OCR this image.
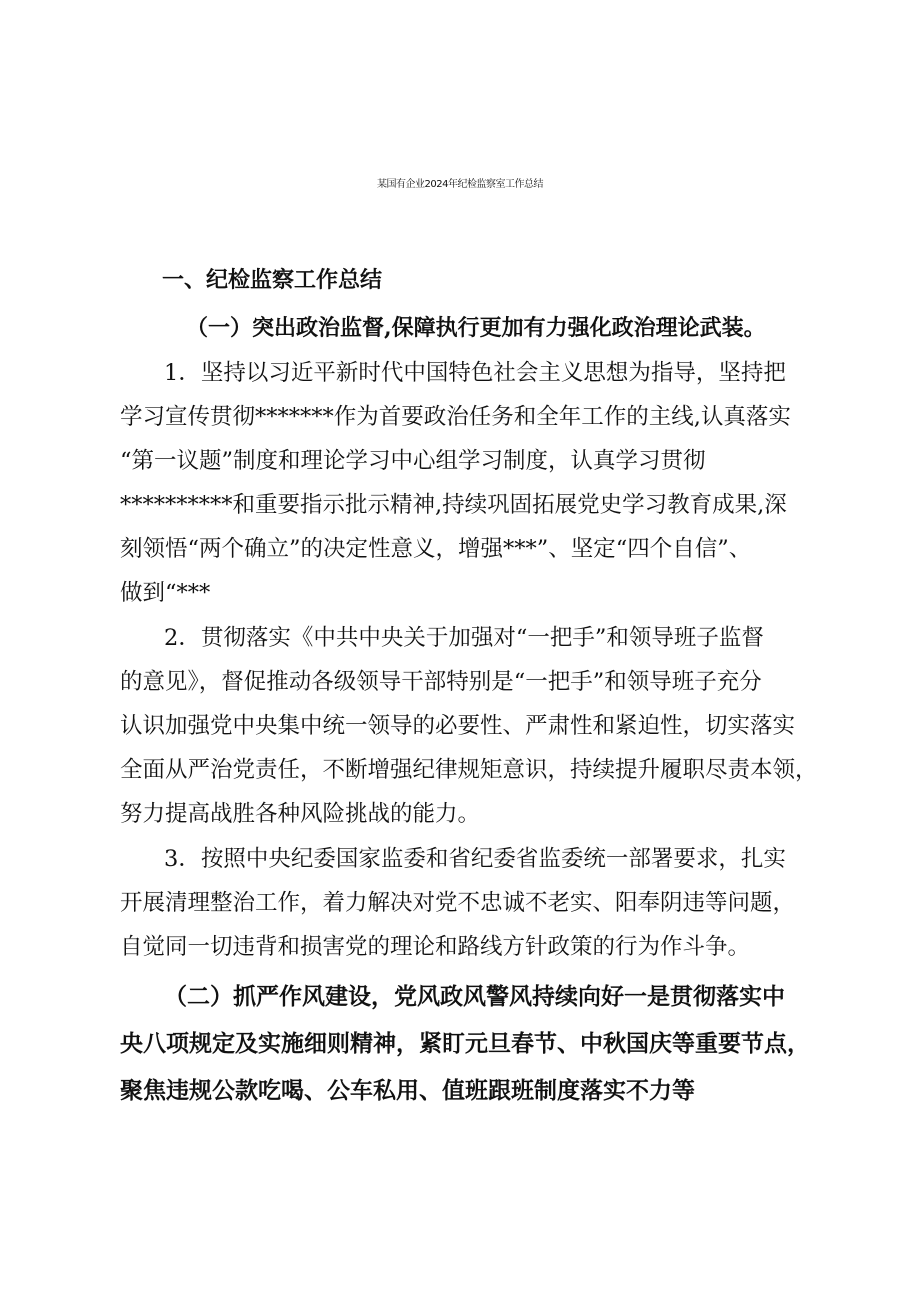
某国有企业2024年纪检监察室工作总结
一、纪检监察工作总结
（一）突出政治监督,保障执行更加有力强化政治理论武装。
1．坚持以习近平新时代中国特色社会主义思想为指导，坚持把
学习宣传贯彻*******作为首要政治任务和全年工作的主线,认真落实
“第一议题”制度和理论学习中心组学习制度，认真学习贯彻
**********和重要指示批示精神,持续巩固拓展党史学习教育成果,深
刻领悟“两个确立”的决定性意义，增强***”、坚定“四个自信”、
做到“***
2．贯彻落实《中共中央关于加强对“一把手”和领导班子监督
的意见》，督促推动各级领导干部特别是“一把手”和领导班子充分
认识加强党中央集中统一领导的必要性、严肃性和紧迫性，切实落实
全面从严治党责任，不断增强纪律规矩意识，持续提升履职尽责本领，
努力提高战胜各种风险挑战的能力。
3．按照中央纪委国家监委和省纪委省监委统一部署要求，扎实
开展清理整治工作，着力解决对党不忠诚不老实、阳奉阴违等问题，
自觉同一切违背和损害党的理论和路线方针政策的行为作斗争。
（二）抓严作风建设，党风政风警风持续向好一是贯彻落实中
央八项规定及实施细则精神，紧盯元旦春节、中秋国庆等重要节点，
聚焦违规公款吃喝、公车私用、值班跟班制度落实不力等
